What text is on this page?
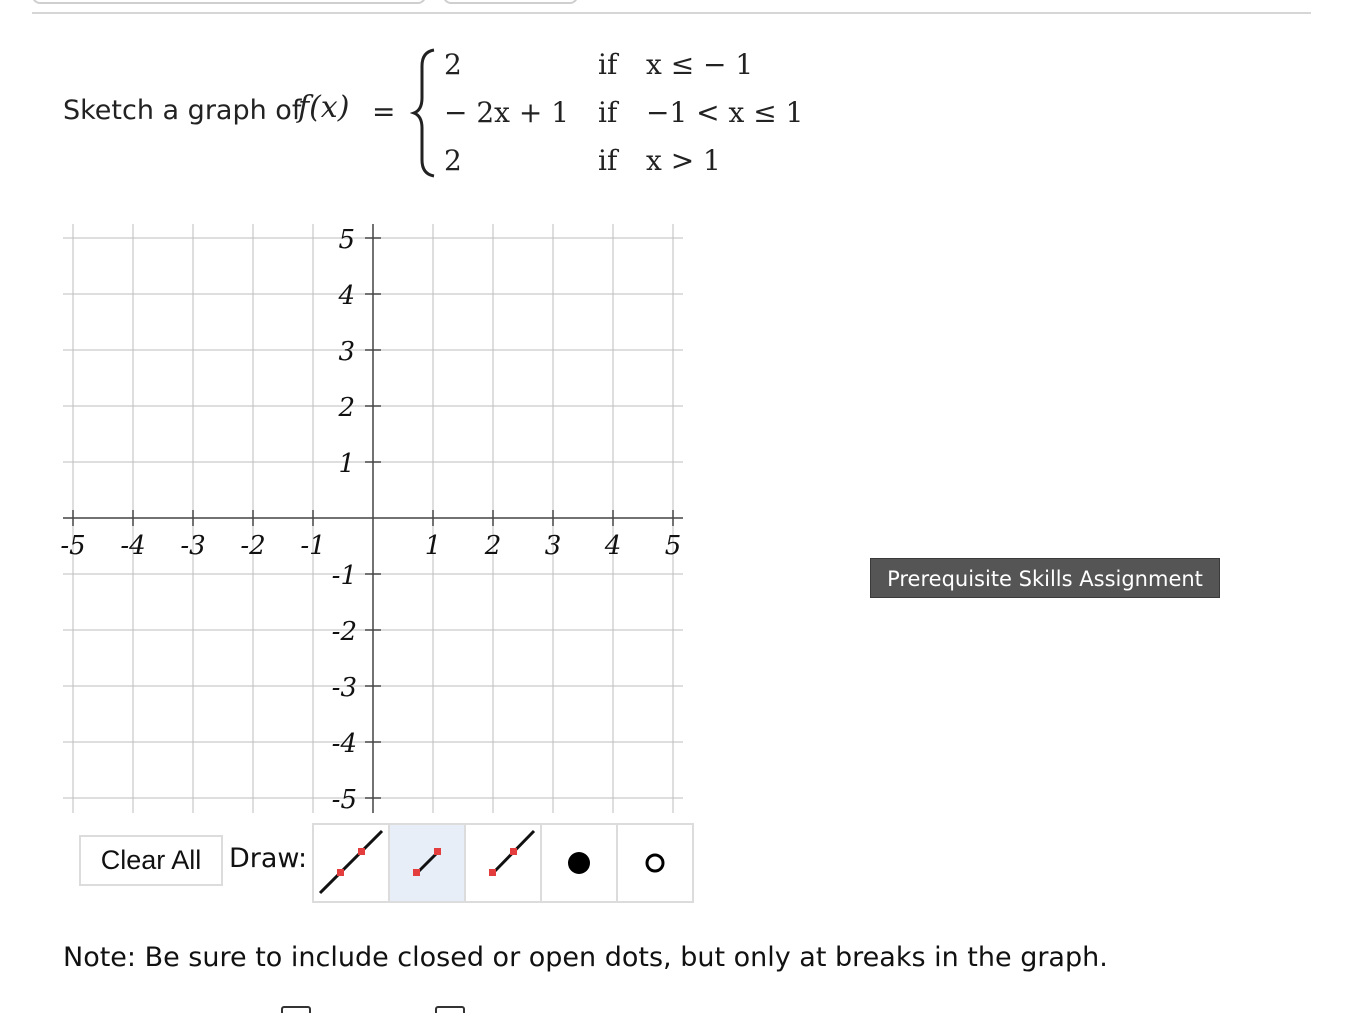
Sketch a graph of
f(x) =
2
− 2x + 1
2
if
if
if
x ≤ − 1
−1 < x ≤ 1
x > 1
-5 -4 -3 -2 -1	1 2 3 4 5
5
4
3
2
1
-1
-2
-3
-4
-5
Clear All	Draw:
Prerequisite Skills Assignment
Note: Be sure to include closed or open dots, but only at breaks in the graph.
